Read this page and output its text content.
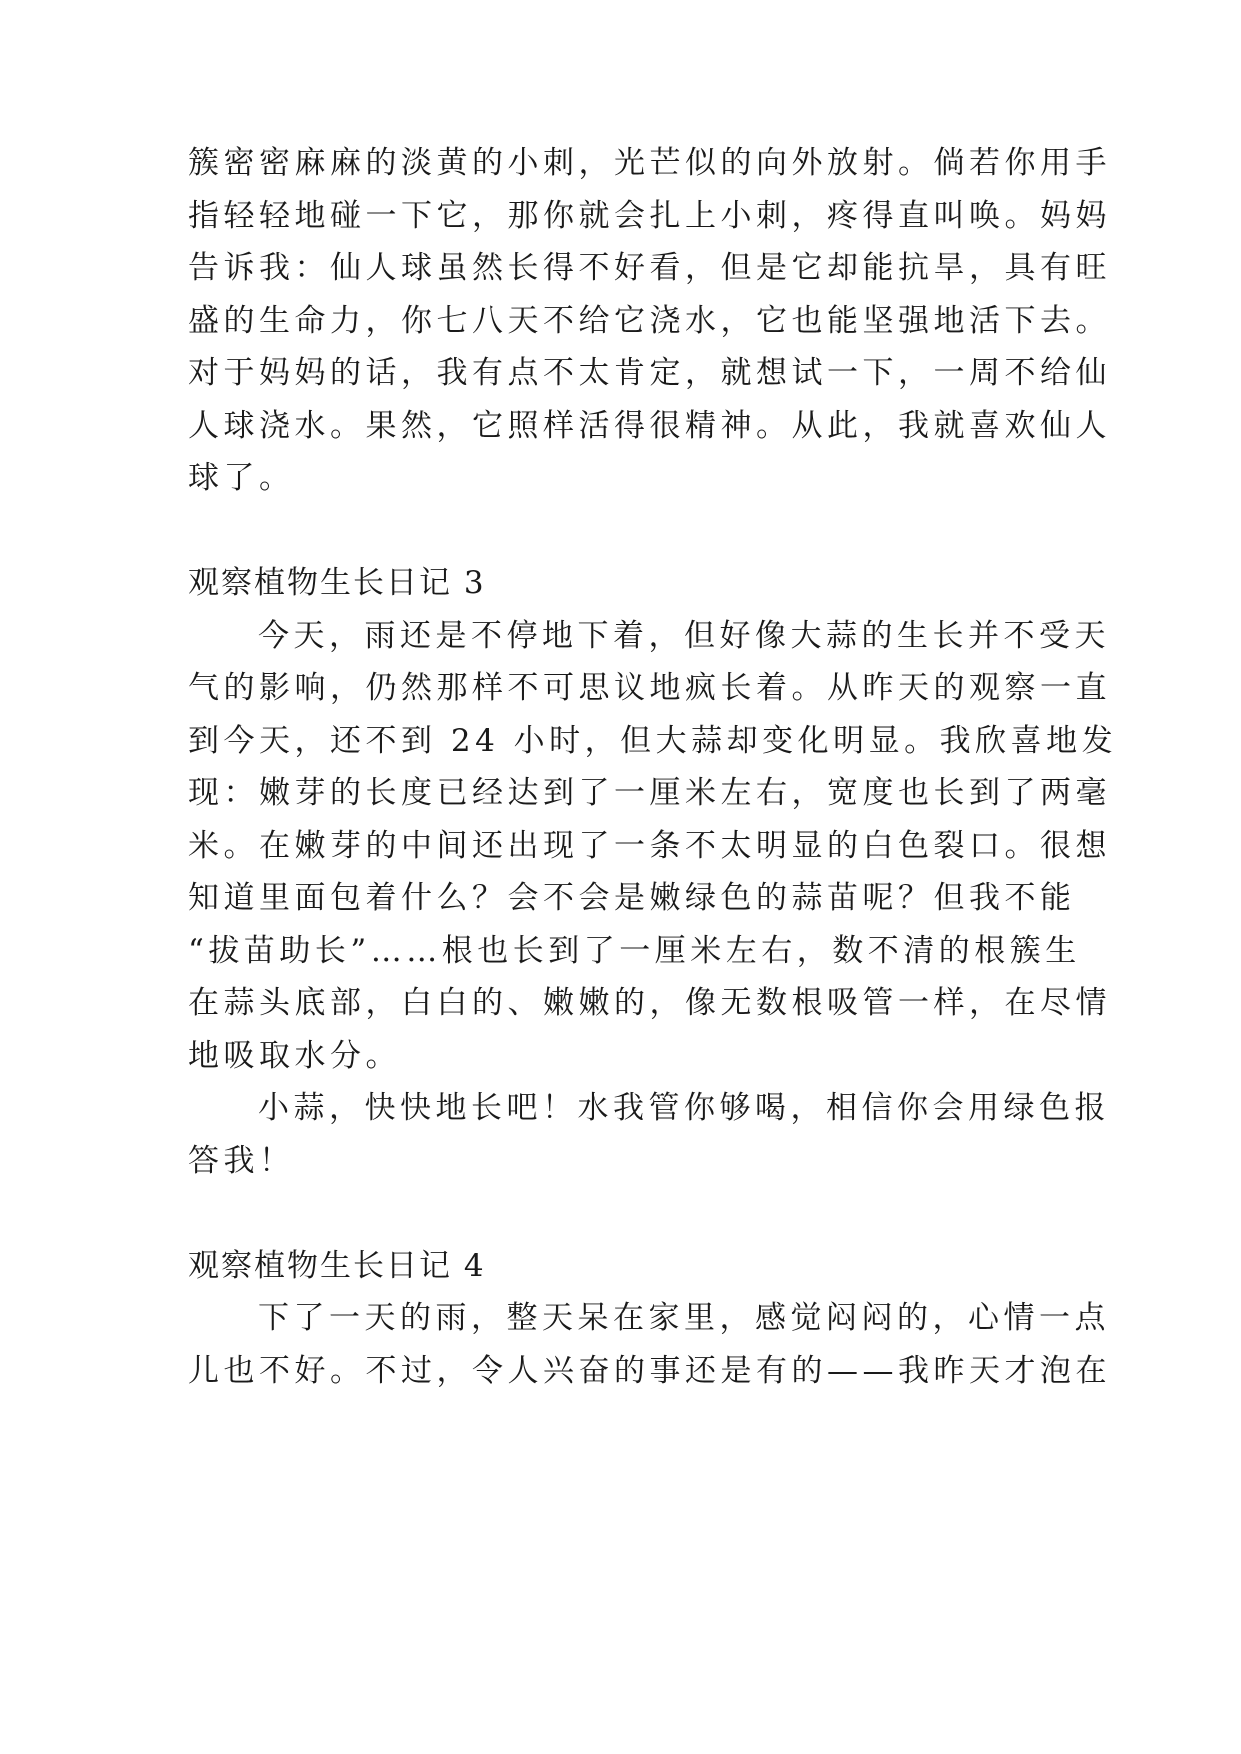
簇密密麻麻的淡黄的小刺，光芒似的向外放射。倘若你用手
指轻轻地碰一下它，那你就会扎上小刺，疼得直叫唤。妈妈
告诉我：仙人球虽然长得不好看，但是它却能抗旱，具有旺
盛的生命力，你七八天不给它浇水，它也能坚强地活下去。
对于妈妈的话，我有点不太肯定，就想试一下，一周不给仙
人球浇水。果然，它照样活得很精神。从此，我就喜欢仙人
球了。
观察植物生长日记 3
今天，雨还是不停地下着，但好像大蒜的生长并不受天
气的影响，仍然那样不可思议地疯长着。从昨天的观察一直
到今天，还不到 24 小时，但大蒜却变化明显。我欣喜地发
现：嫩芽的长度已经达到了一厘米左右，宽度也长到了两毫
米。在嫩芽的中间还出现了一条不太明显的白色裂口。很想
知道里面包着什么？会不会是嫩绿色的蒜苗呢？但我不能
“拔苗助长”……根也长到了一厘米左右，数不清的根簇生
在蒜头底部，白白的、嫩嫩的，像无数根吸管一样，在尽情
地吸取水分。
小蒜，快快地长吧！水我管你够喝，相信你会用绿色报
答我！
观察植物生长日记 4
下了一天的雨，整天呆在家里，感觉闷闷的，心情一点
儿也不好。不过，令人兴奋的事还是有的——我昨天才泡在
